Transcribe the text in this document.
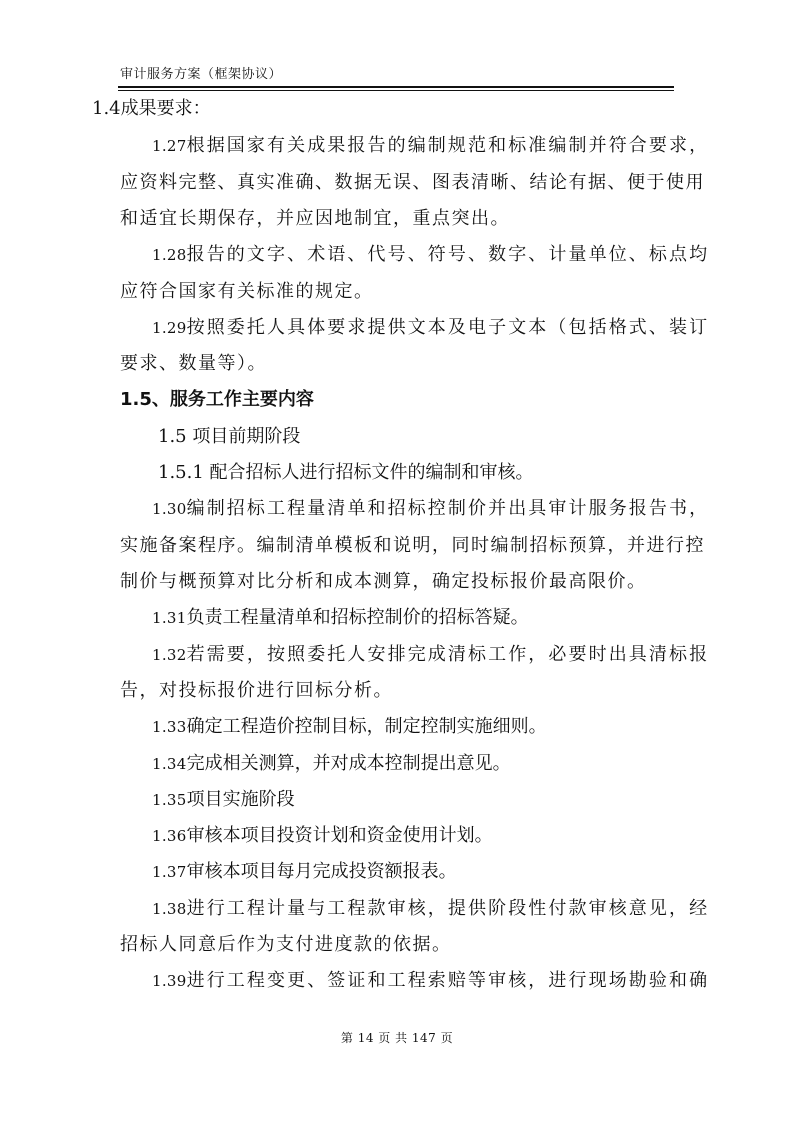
审计服务方案（框架协议）
1.4成果要求：
1.27根据国家有关成果报告的编制规范和标准编制并符合要求，
应资料完整、真实准确、数据无误、图表清晰、结论有据、便于使用
和适宜长期保存，并应因地制宜，重点突出。
1.28报告的文字、术语、代号、符号、数字、计量单位、标点均
应符合国家有关标准的规定。
1.29按照委托人具体要求提供文本及电子文本（包括格式、装订
要求、数量等）。
1.5、服务工作主要内容
1.5 项目前期阶段
1.5.1 配合招标人进行招标文件的编制和审核。
1.30编制招标工程量清单和招标控制价并出具审计服务报告书，
实施备案程序。编制清单模板和说明，同时编制招标预算，并进行控
制价与概预算对比分析和成本测算，确定投标报价最高限价。
1.31负责工程量清单和招标控制价的招标答疑。
1.32若需要，按照委托人安排完成清标工作，必要时出具清标报
告，对投标报价进行回标分析。
1.33确定工程造价控制目标，制定控制实施细则。
1.34完成相关测算，并对成本控制提出意见。
1.35项目实施阶段
1.36审核本项目投资计划和资金使用计划。
1.37审核本项目每月完成投资额报表。
1.38进行工程计量与工程款审核，提供阶段性付款审核意见，经
招标人同意后作为支付进度款的依据。
1.39进行工程变更、签证和工程索赔等审核，进行现场勘验和确
第 14 页 共 147 页
